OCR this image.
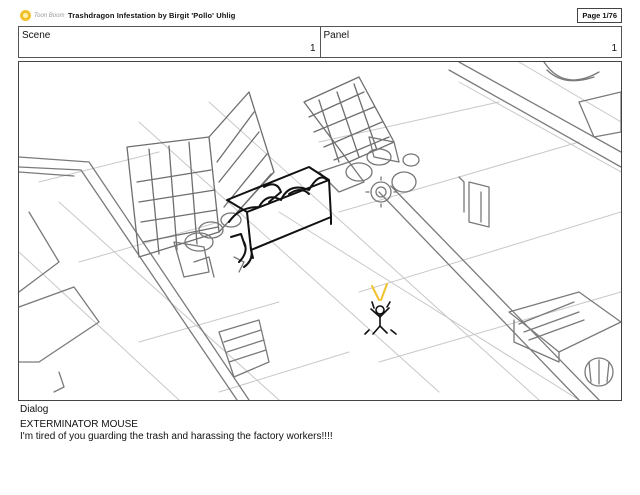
Toon Boom Trashdragon Infestation by Birgit 'Pollo' Uhlig	Page 1/76
Scene
1
Panel
1
Dialog
EXTERMINATOR MOUSE
I'm tired of you guarding the trash and harassing the factory workers!!!!
